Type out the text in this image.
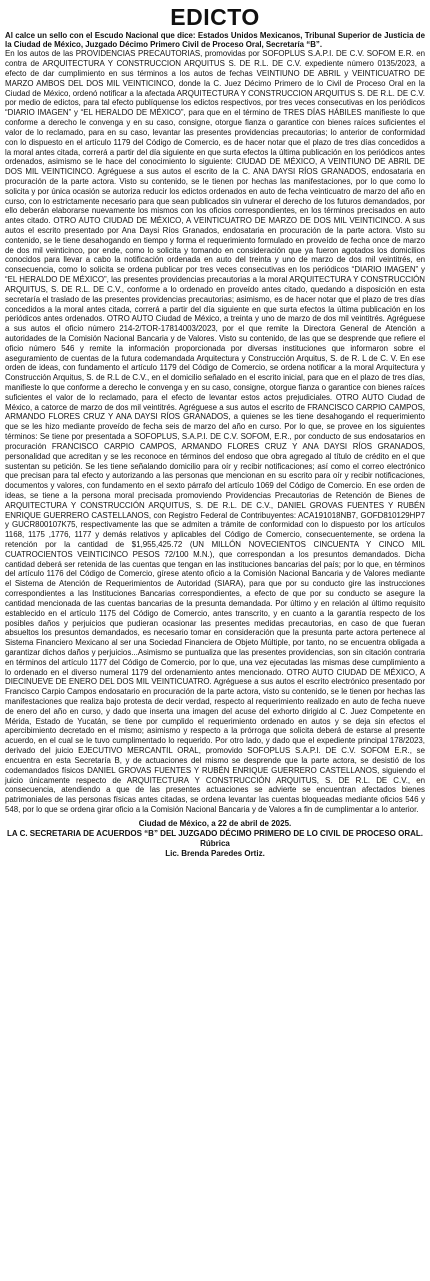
EDICTO

Al calce un sello con el Escudo Nacional que dice: Estados Unidos Mexicanos, Tribunal Superior de Justicia de la Ciudad de México, Juzgado Décimo Primero Civil de Proceso Oral, Secretaría “B”.

En los autos de las PROVIDENCIAS PRECAUTORIAS, promovidas por SOFOPLUS S.A.P.I. DE C.V. SOFOM E.R. en contra de ARQUITECTURA Y CONSTRUCCION ARQUITUS S. DE R.L. DE C.V. expediente número 0135/2023, a efecto de dar cumplimiento en sus términos a los autos de fechas VEINTIUNO DE ABRIL y VEINTICUATRO DE MARZO AMBOS DEL DOS MIL VEINTICINCO, donde la C. Juez Décimo Primero de lo Civil de Proceso Oral en la Ciudad de México, ordenó notificar a la afectada ARQUITECTURA Y CONSTRUCCION ARQUITUS S. DE R.L. DE C.V. por medio de edictos, para tal efecto publíquense los edictos respectivos, por tres veces consecutivas en los periódicos “DIARIO IMAGEN” y “EL HERALDO DE MÉXICO”, para que en el término de TRES DÍAS HÁBILES manifieste lo que conforme a derecho le convenga y en su caso, consigne, otorgue fianza o garantice con bienes raíces suficientes el valor de lo reclamado, para en su caso, levantar las presentes providencias precautorias; lo anterior de conformidad con lo dispuesto en el artículo 1179 del Código de Comercio, es de hacer notar que el plazo de tres días concedidos a la moral antes citada, correrá a partir del día siguiente en que surta efectos la última publicación en los periódicos antes ordenados, asimismo se le hace del conocimiento lo siguiente: CIUDAD DE MÉXICO, A VEINTIUNO DE ABRIL DE DOS MIL VEINTICINCO. Agréguese a sus autos el escrito de la C. ANA DAYSI RÍOS GRANADOS, endosataria en procuración de la parte actora. Visto su contenido, se le tienen por hechas las manifestaciones, por lo que como lo solicita y por única ocasión se autoriza reducir los edictos ordenados en auto de fecha veinticuatro de marzo del año en curso, con lo estrictamente necesario para que sean publicados sin vulnerar el derecho de los futuros demandados, por ello deberán elaborarse nuevamente los mismos con los oficios correspondientes, en los términos precisados en auto antes citado. OTRO AUTO CIUDAD DE MÉXICO, A VEINTICUATRO DE MARZO DE DOS MIL VEINTICINCO. A sus autos el escrito presentado por Ana Daysi Ríos Granados, endosataria en procuración de la parte actora. Visto su contenido, se le tiene desahogando en tiempo y forma el requerimiento formulado en proveído de fecha once de marzo de dos mil veinticinco, por ende, como lo solicita y tomando en consideración que ya fueron agotados los domicilios conocidos para llevar a cabo la notificación ordenada en auto del treinta y uno de marzo de dos mil veintitrés, en consecuencia, como lo solicita se ordena publicar por tres veces consecutivas en los periódicos “DIARIO IMAGEN” y “EL HERALDO DE MÉXICO”, las presentes providencias precautorias a la moral ARQUITECTURA Y CONSTRUCCIÓN ARQUITUS, S. DE R.L. DE C.V., conforme a lo ordenado en proveído antes citado, quedando a disposición en esta secretaría el traslado de las presentes providencias precautorias; asimismo, es de hacer notar que el plazo de tres días concedidos a la moral antes citada, correrá a partir del día siguiente en que surta efectos la última publicación en los periódicos antes ordenados. OTRO AUTO Ciudad de México, a treinta y uno de marzo de dos mil veintitrés. Agréguese a sus autos el oficio número 214-2/TOR-17814003/2023, por el que remite la Directora General de Atención a autoridades de la Comisión Nacional Bancaria y de Valores. Visto su contenido, de las que se desprende que refiere el oficio número 546 y remite la información proporcionada por diversas instituciones que informaron sobre el aseguramiento de cuentas de la futura codemandada Arquitectura y Construcción Arquitus, S. de R. L de C. V. En ese orden de ideas, con fundamento el artículo 1179 del Código de Comercio, se ordena notificar a la moral Arquitectura y Construcción Arquitus, S. de R.L de C.V., en el domicilio señalado en el escrito inicial, para que en el plazo de tres días, manifieste lo que conforme a derecho le convenga y en su caso, consigne, otorgue fianza o garantice con bienes raíces suficientes el valor de lo reclamado, para el efecto de levantar estos actos prejudiciales. OTRO AUTO Ciudad de México, a catorce de marzo de dos mil veintitrés. Agréguese a sus autos el escrito de FRANCISCO CARPIO CAMPOS, ARMANDO FLORES CRUZ Y ANA DAYSI RÍOS GRANADOS, a quienes se les tiene desahogando el requerimiento que se les hizo mediante proveído de fecha seis de marzo del año en curso. Por lo que, se provee en los siguientes términos: Se tiene por presentada a SOFOPLUS, S.A.P.I. DE C.V. SOFOM, E.R., por conducto de sus endosatarios en procuración FRANCISCO CARPIO CAMPOS, ARMANDO FLORES CRUZ Y ANA DAYSI RÍOS GRANADOS, personalidad que acreditan y se les reconoce en términos del endoso que obra agregado al título de crédito en el que sustentan su petición. Se les tiene señalando domicilio para oír y recibir notificaciones; así como el correo electrónico que precisan para tal efecto y autorizando a las personas que mencionan en su escrito para oír y recibir notificaciones, documentos y valores, con fundamento en el sexto párrafo del artículo 1069 del Código de Comercio. En ese orden de ideas, se tiene a la persona moral precisada promoviendo Providencias Precautorias de Retención de Bienes de ARQUITECTURA Y CONSTRUCCIÓN ARQUITUS, S. DE R.L. DE C.V., DANIEL GROVAS FUENTES Y RUBÉN ENRIQUE GUERRERO CASTELLANOS, con Registro Federal de Contribuyentes: ACA191018NB7, GOFD810129HP7 y GUCR800107K75, respectivamente las que se admiten a trámite de conformidad con lo dispuesto por los artículos 1168, 1175 ,1776, 1177 y demás relativos y aplicables del Código de Comercio, consecuentemente, se ordena la retención por la cantidad de $1,955,425.72 (UN MILLÓN NOVECIENTOS CINCUENTA Y CINCO MIL CUATROCIENTOS VEINTICINCO PESOS 72/100 M.N.), que correspondan a los presuntos demandados. Dicha cantidad deberá ser retenida de las cuentas que tengan en las instituciones bancarias del país; por lo que, en términos del artículo 1176 del Código de Comercio, gírese atento oficio a la Comisión Nacional Bancaria y de Valores mediante el Sistema de Atención de Requerimientos de Autoridad (SIARA), para que por su conducto gire las instrucciones correspondientes a las Instituciones Bancarias correspondientes, a efecto de que por su conducto se asegure la cantidad mencionada de las cuentas bancarias de la presunta demandada. Por último y en relación al último requisito establecido en el artículo 1175 del Código de Comercio, antes transcrito, y en cuanto a la garantía respecto de los posibles daños y perjuicios que pudieran ocasionar las presentes medidas precautorias, en caso de que fueran absueltos los presuntos demandados, es necesario tomar en consideración que la presunta parte actora pertenece al Sistema Financiero Mexicano al ser una Sociedad Financiera de Objeto Múltiple, por tanto, no se encuentra obligada a garantizar dichos daños y perjuicios...Asimismo se puntualiza que las presentes providencias, son sin citación contraria en términos del artículo 1177 del Código de Comercio, por lo que, una vez ejecutadas las mismas dese cumplimiento a lo ordenado en el diverso numeral 1179 del ordenamiento antes mencionado. OTRO AUTO CIUDAD DE MÉXICO, A DIECINUEVE DE ENERO DEL DOS MIL VEINTICUATRO. Agréguese a sus autos el escrito electrónico presentado por Francisco Carpio Campos endosatario en procuración de la parte actora, visto su contenido, se le tienen por hechas las manifestaciones que realiza bajo protesta de decir verdad, respecto al requerimiento realizado en auto de fecha nueve de enero del año en curso, y dado que inserta una imagen del acuse del exhorto dirigido al C. Juez Competente en Mérida, Estado de Yucatán, se tiene por cumplido el requerimiento ordenado en autos y se deja sin efectos el apercibimiento decretado en el mismo; asimismo y respecto a la prórroga que solicita deberá de estarse al presente acuerdo, en el cual se le tuvo cumplimentado lo requerido. Por otro lado, y dado que el expediente principal 178/2023, derivado del juicio EJECUTIVO MERCANTIL ORAL, promovido SOFOPLUS S.A.P.I. DE C.V. SOFOM E.R., se encuentra en esta Secretaría B, y de actuaciones del mismo se desprende que la parte actora, se desistió de los codemandados físicos DANIEL GROVAS FUENTES Y RUBÉN ENRIQUE GUERRERO CASTELLANOS, siguiendo el juicio únicamente respecto de ARQUITECTURA Y CONSTRUCCIÓN ARQUITUS, S. DE R.L. DE C.V., en consecuencia, atendiendo a que de las presentes actuaciones se advierte se encuentran afectados bienes patrimoniales de las personas físicas antes citadas, se ordena levantar las cuentas bloqueadas mediante oficios 546 y 548, por lo que se ordena girar oficio a la Comisión Nacional Bancaria y de Valores a fin de cumplimentar a lo anterior.

Ciudad de México, a 22 de abril de 2025.
LA C. SECRETARIA DE ACUERDOS “B” DEL JUZGADO DÉCIMO PRIMERO DE LO CIVIL DE PROCESO ORAL.
Rúbrica
Lic. Brenda Paredes Ortiz.
